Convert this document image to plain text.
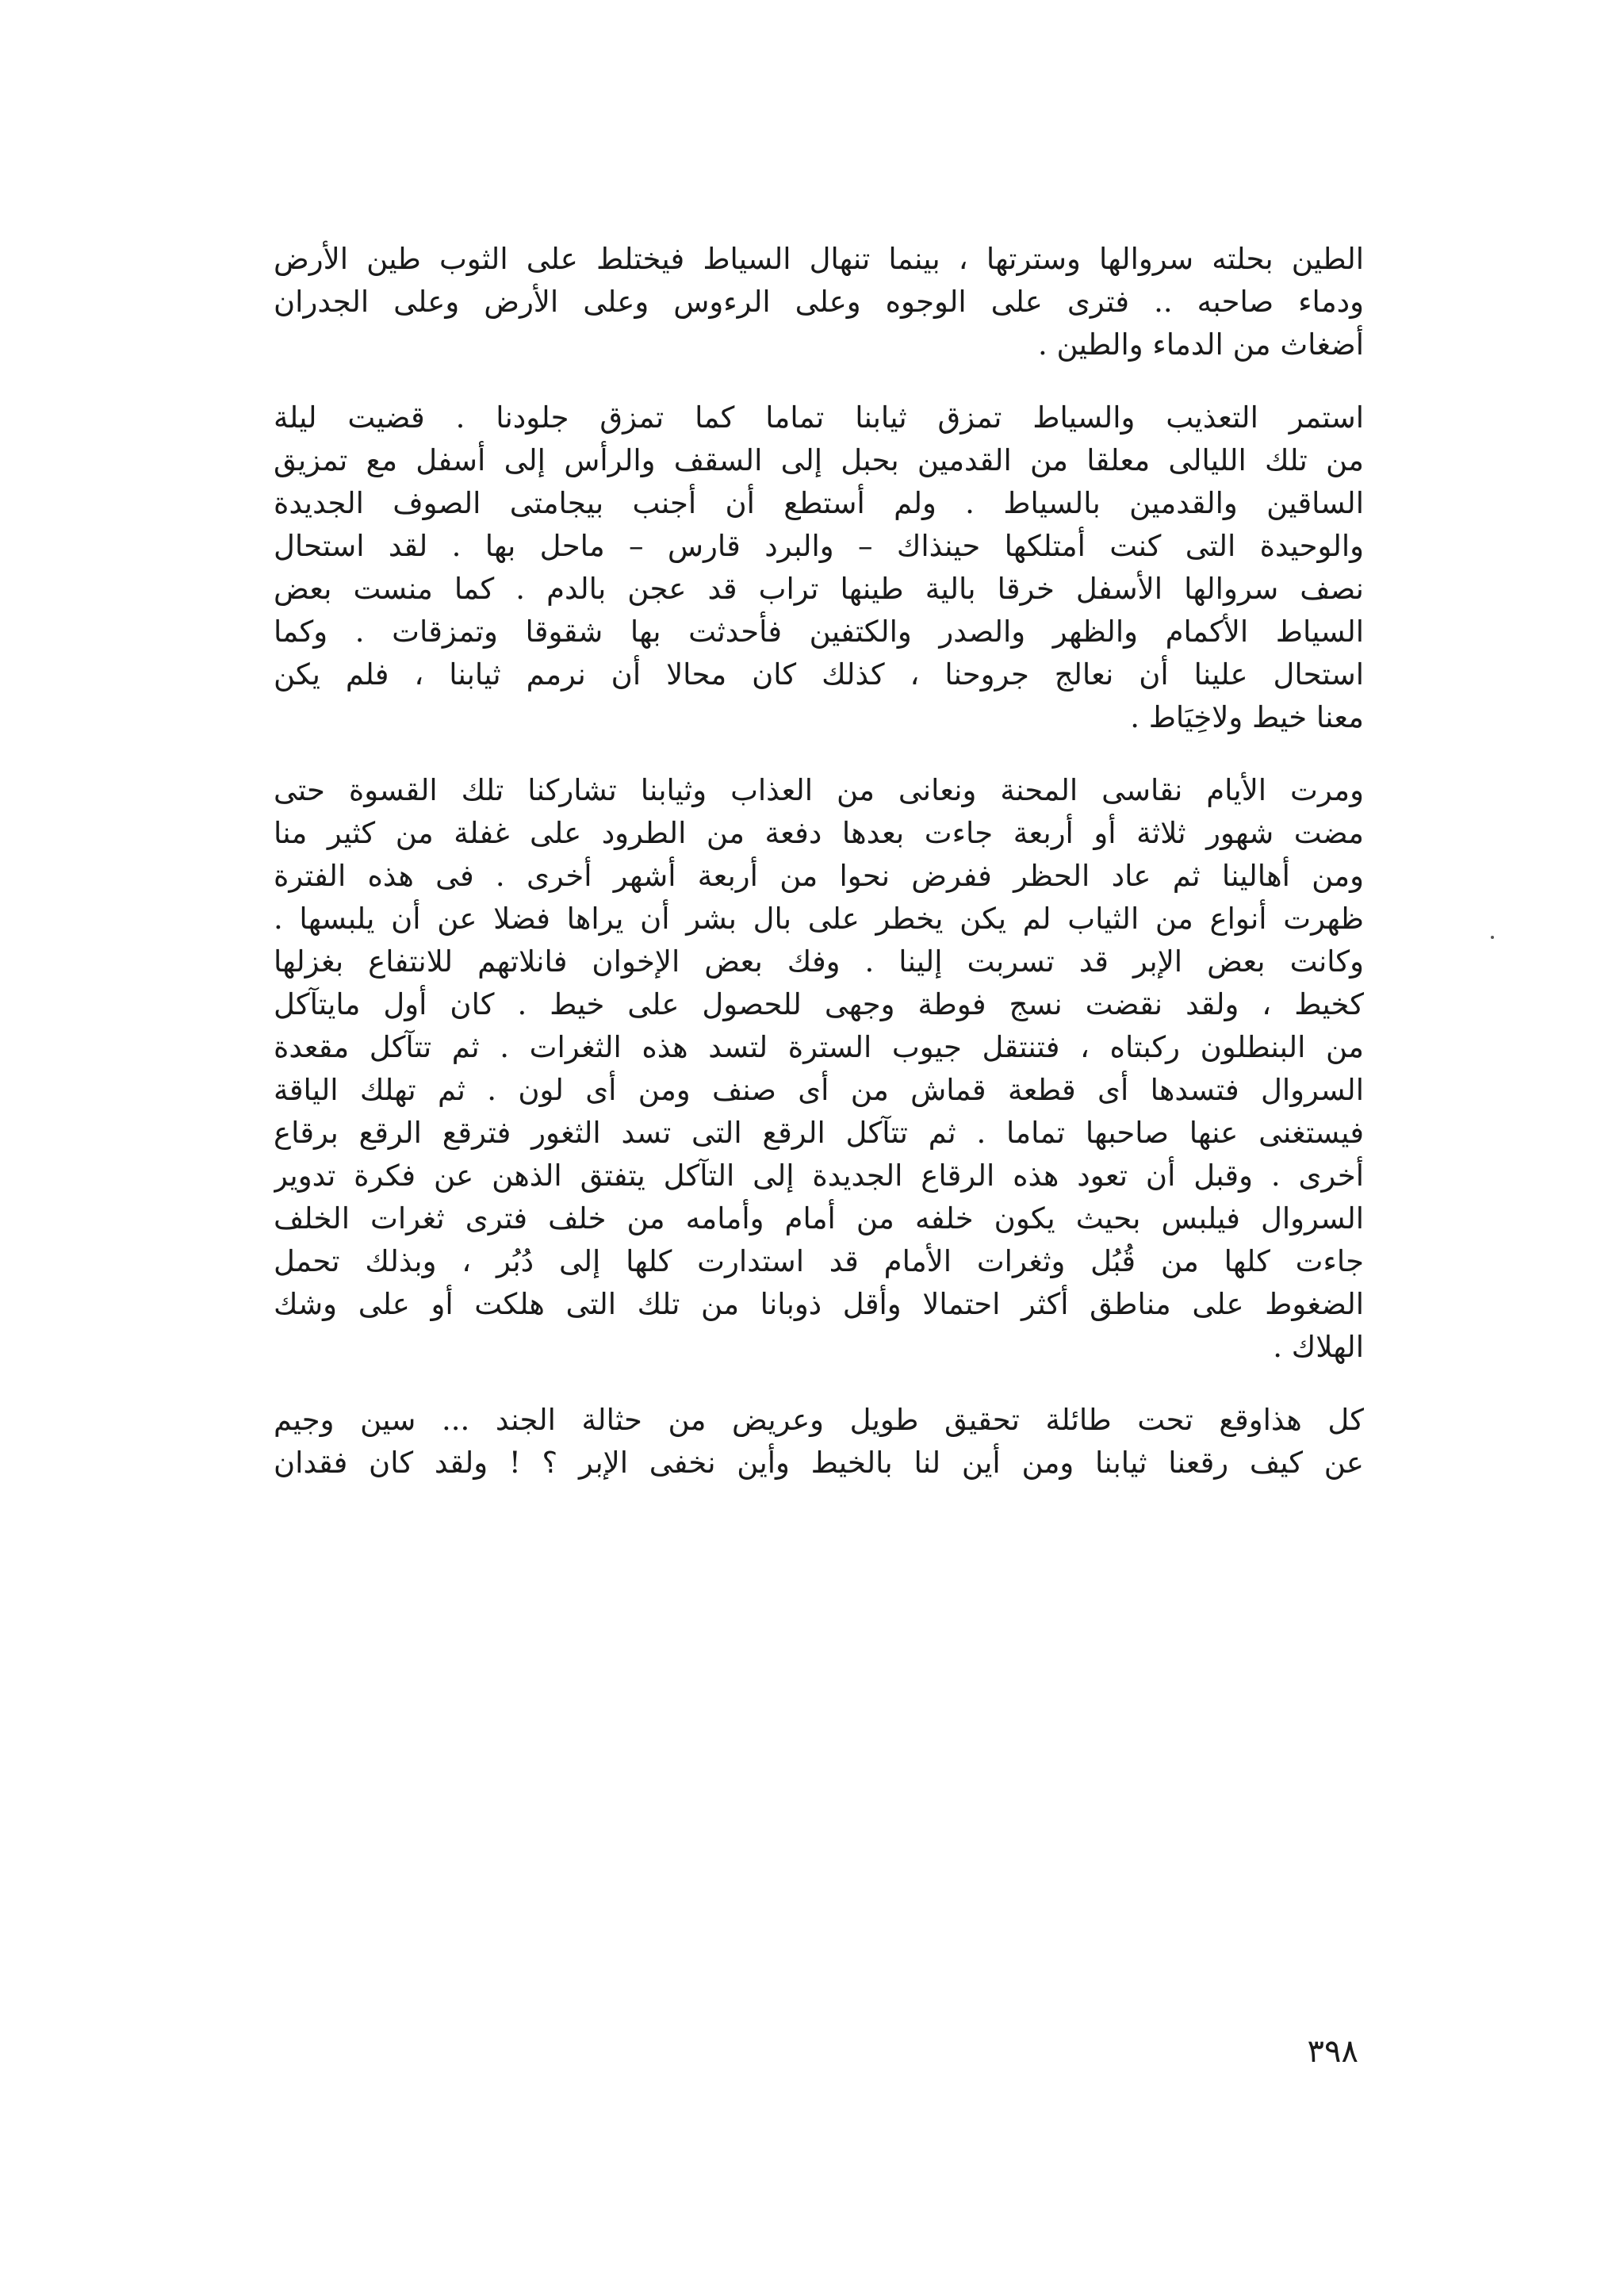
الطين بحلته سروالها وسترتها ، بينما تنهال السياط فيختلط على الثوب طين الأرض
ودماء صاحبه .. فترى على الوجوه وعلى الرءوس وعلى الأرض وعلى الجدران
أضغاث من الدماء والطين .
استمر التعذيب والسياط تمزق ثيابنا تماما كما تمزق جلودنا . قضيت ليلة
من تلك الليالى معلقا من القدمين بحبل إلى السقف والرأس إلى أسفل مع تمزيق
الساقين والقدمين بالسياط . ولم أستطع أن أجنب بيجامتى الصوف الجديدة
والوحيدة التى كنت أمتلكها حينذاك – والبرد قارس – ماحل بها . لقد استحال
نصف سروالها الأسفل خرقا بالية طينها تراب قد عجن بالدم . كما منست بعض
السياط الأكمام والظهر والصدر والكتفين فأحدثت بها شقوقا وتمزقات . وكما
استحال علينا أن نعالج جروحنا ، كذلك كان محالا أن نرمم ثيابنا ، فلم يكن
معنا خيط ولاخِيَاط .
ومرت الأيام نقاسى المحنة ونعانى من العذاب وثيابنا تشاركنا تلك القسوة حتى
مضت شهور ثلاثة أو أربعة جاءت بعدها دفعة من الطرود على غفلة من كثير منا
ومن أهالينا ثم عاد الحظر ففرض نحوا من أربعة أشهر أخرى . فى هذه الفترة
ظهرت أنواع من الثياب لم يكن يخطر على بال بشر أن يراها فضلا عن أن يلبسها .
وكانت بعض الإبر قد تسربت إلينا . وفك بعض الإخوان فانلاتهم للانتفاع بغزلها
كخيط ، ولقد نقضت نسج فوطة وجهى للحصول على خيط . كان أول مايتآكل
من البنطلون ركبتاه ، فتنتقل جيوب السترة لتسد هذه الثغرات . ثم تتآكل مقعدة
السروال فتسدها أى قطعة قماش من أى صنف ومن أى لون . ثم تهلك الياقة
فيستغنى عنها صاحبها تماما . ثم تتآكل الرقع التى تسد الثغور فترقع الرقع برقاع
أخرى . وقبل أن تعود هذه الرقاع الجديدة إلى التآكل يتفتق الذهن عن فكرة تدوير
السروال فيلبس بحيث يكون خلفه من أمام وأمامه من خلف فترى ثغرات الخلف
جاءت كلها من قُبُل وثغرات الأمام قد استدارت كلها إلى دُبُر ، وبذلك تحمل
الضغوط على مناطق أكثر احتمالا وأقل ذوبانا من تلك التى هلكت أو على وشك
الهلاك .
كل هذاوقع تحت طائلة تحقيق طويل وعريض من حثالة الجند ... سين وجيم
عن كيف رقعنا ثيابنا ومن أين لنا بالخيط وأين نخفى الإبر ؟ ! ولقد كان فقدان
٣٩٨
